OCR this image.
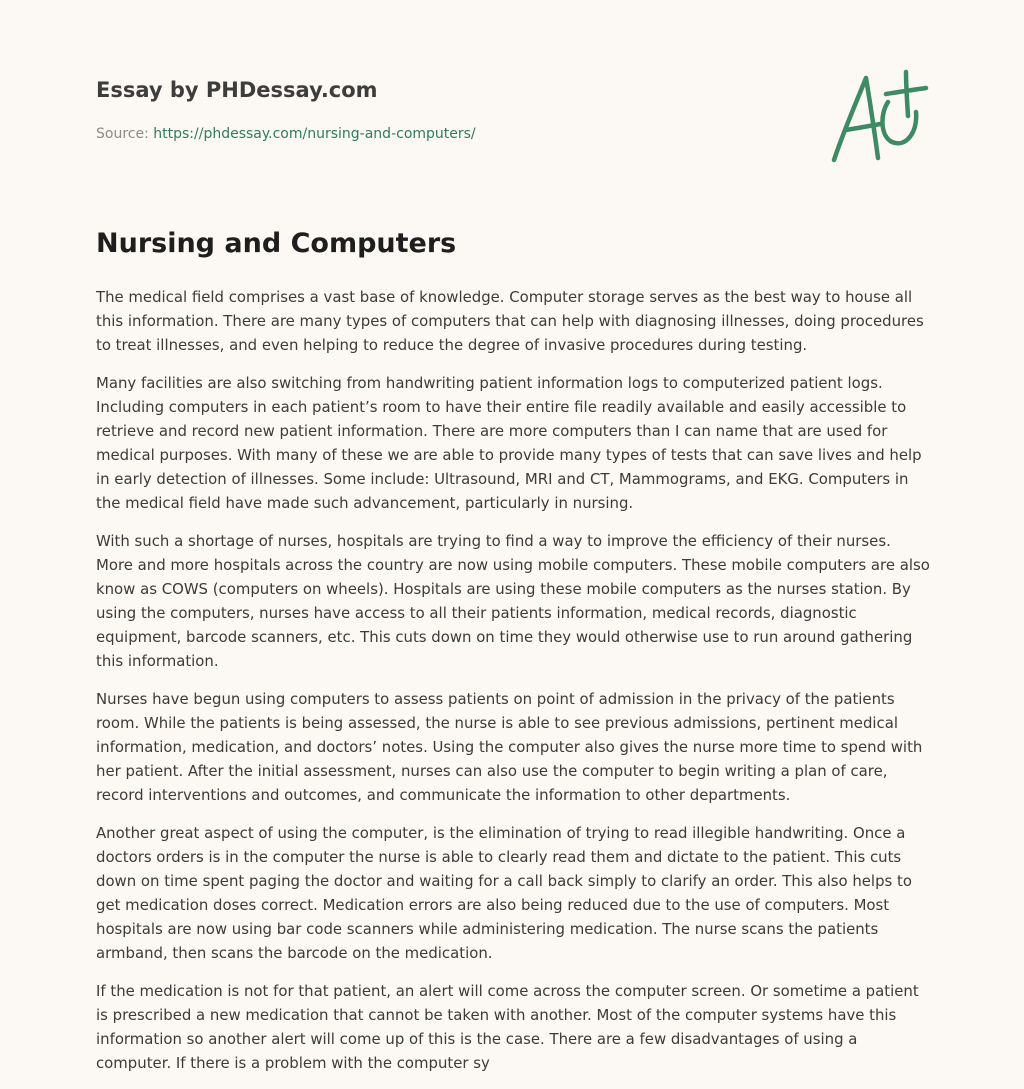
Essay by PHDessay.com
Source: https://phdessay.com/nursing-and-computers/
Nursing and Computers

The medical field comprises a vast base of knowledge. Computer storage serves as the best way to house all this information. There are many types of computers that can help with diagnosing illnesses, doing procedures to treat illnesses, and even helping to reduce the degree of invasive procedures during testing.

Many facilities are also switching from handwriting patient information logs to computerized patient logs. Including computers in each patient’s room to have their entire file readily available and easily accessible to retrieve and record new patient information. There are more computers than I can name that are used for medical purposes. With many of these we are able to provide many types of tests that can save lives and help in early detection of illnesses. Some include: Ultrasound, MRI and CT, Mammograms, and EKG. Computers in the medical field have made such advancement, particularly in nursing.

With such a shortage of nurses, hospitals are trying to find a way to improve the efficiency of their nurses. More and more hospitals across the country are now using mobile computers. These mobile computers are also know as COWS (computers on wheels). Hospitals are using these mobile computers as the nurses station. By using the computers, nurses have access to all their patients information, medical records, diagnostic equipment, barcode scanners, etc. This cuts down on time they would otherwise use to run around gathering this information.

Nurses have begun using computers to assess patients on point of admission in the privacy of the patients room. While the patients is being assessed, the nurse is able to see previous admissions, pertinent medical information, medication, and doctors’ notes. Using the computer also gives the nurse more time to spend with her patient. After the initial assessment, nurses can also use the computer to begin writing a plan of care, record interventions and outcomes, and communicate the information to other departments.

Another great aspect of using the computer, is the elimination of trying to read illegible handwriting. Once a doctors orders is in the computer the nurse is able to clearly read them and dictate to the patient. This cuts down on time spent paging the doctor and waiting for a call back simply to clarify an order. This also helps to get medication doses correct. Medication errors are also being reduced due to the use of computers. Most hospitals are now using bar code scanners while administering medication. The nurse scans the patients armband, then scans the barcode on the medication.

If the medication is not for that patient, an alert will come across the computer screen. Or sometime a patient is prescribed a new medication that cannot be taken with another. Most of the computer systems have this information so another alert will come up of this is the case. There are a few disadvantages of using a computer. If there is a problem with the computer sy
